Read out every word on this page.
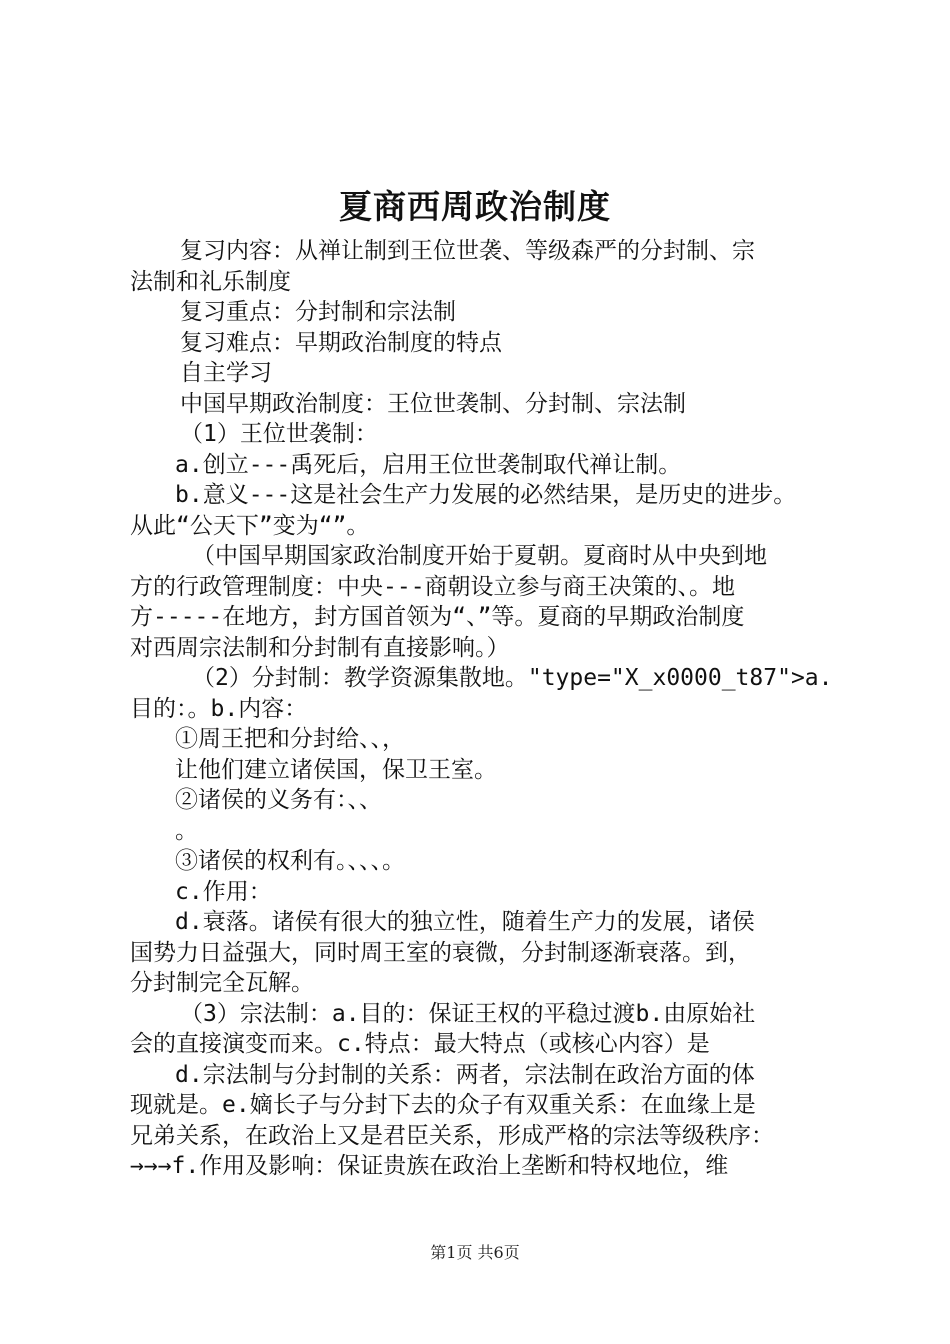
夏商西周政治制度
复习内容：从禅让制到王位世袭、等级森严的分封制、宗
法制和礼乐制度
复习重点：分封制和宗法制
复习难点：早期政治制度的特点
自主学习
中国早期政治制度：王位世袭制、分封制、宗法制
（1）王位世袭制：
a.创立---禹死后，启用王位世袭制取代禅让制。
b.意义---这是社会生产力发展的必然结果，是历史的进步。
从此“公天下”变为“”。
（中国早期国家政治制度开始于夏朝。夏商时从中央到地
方的行政管理制度：中央---商朝设立参与商王决策的、。地
方-----在地方，封方国首领为“、”等。夏商的早期政治制度
对西周宗法制和分封制有直接影响。）
（2）分封制：教学资源集散地。"type="X_x0000_t87">a.
目的：。b.内容：
①周王把和分封给、、，
让他们建立诸侯国，保卫王室。
②诸侯的义务有：、、
。
③诸侯的权利有。、、、。
c.作用：
d.衰落。诸侯有很大的独立性，随着生产力的发展，诸侯
国势力日益强大，同时周王室的衰微，分封制逐渐衰落。到，
分封制完全瓦解。
（3）宗法制：a.目的：保证王权的平稳过渡b.由原始社
会的直接演变而来。c.特点：最大特点（或核心内容）是
d.宗法制与分封制的关系：两者，宗法制在政治方面的体
现就是。e.嫡长子与分封下去的众子有双重关系：在血缘上是
兄弟关系，在政治上又是君臣关系，形成严格的宗法等级秩序：
→→→f.作用及影响：保证贵族在政治上垄断和特权地位，维
第1页 共6页
